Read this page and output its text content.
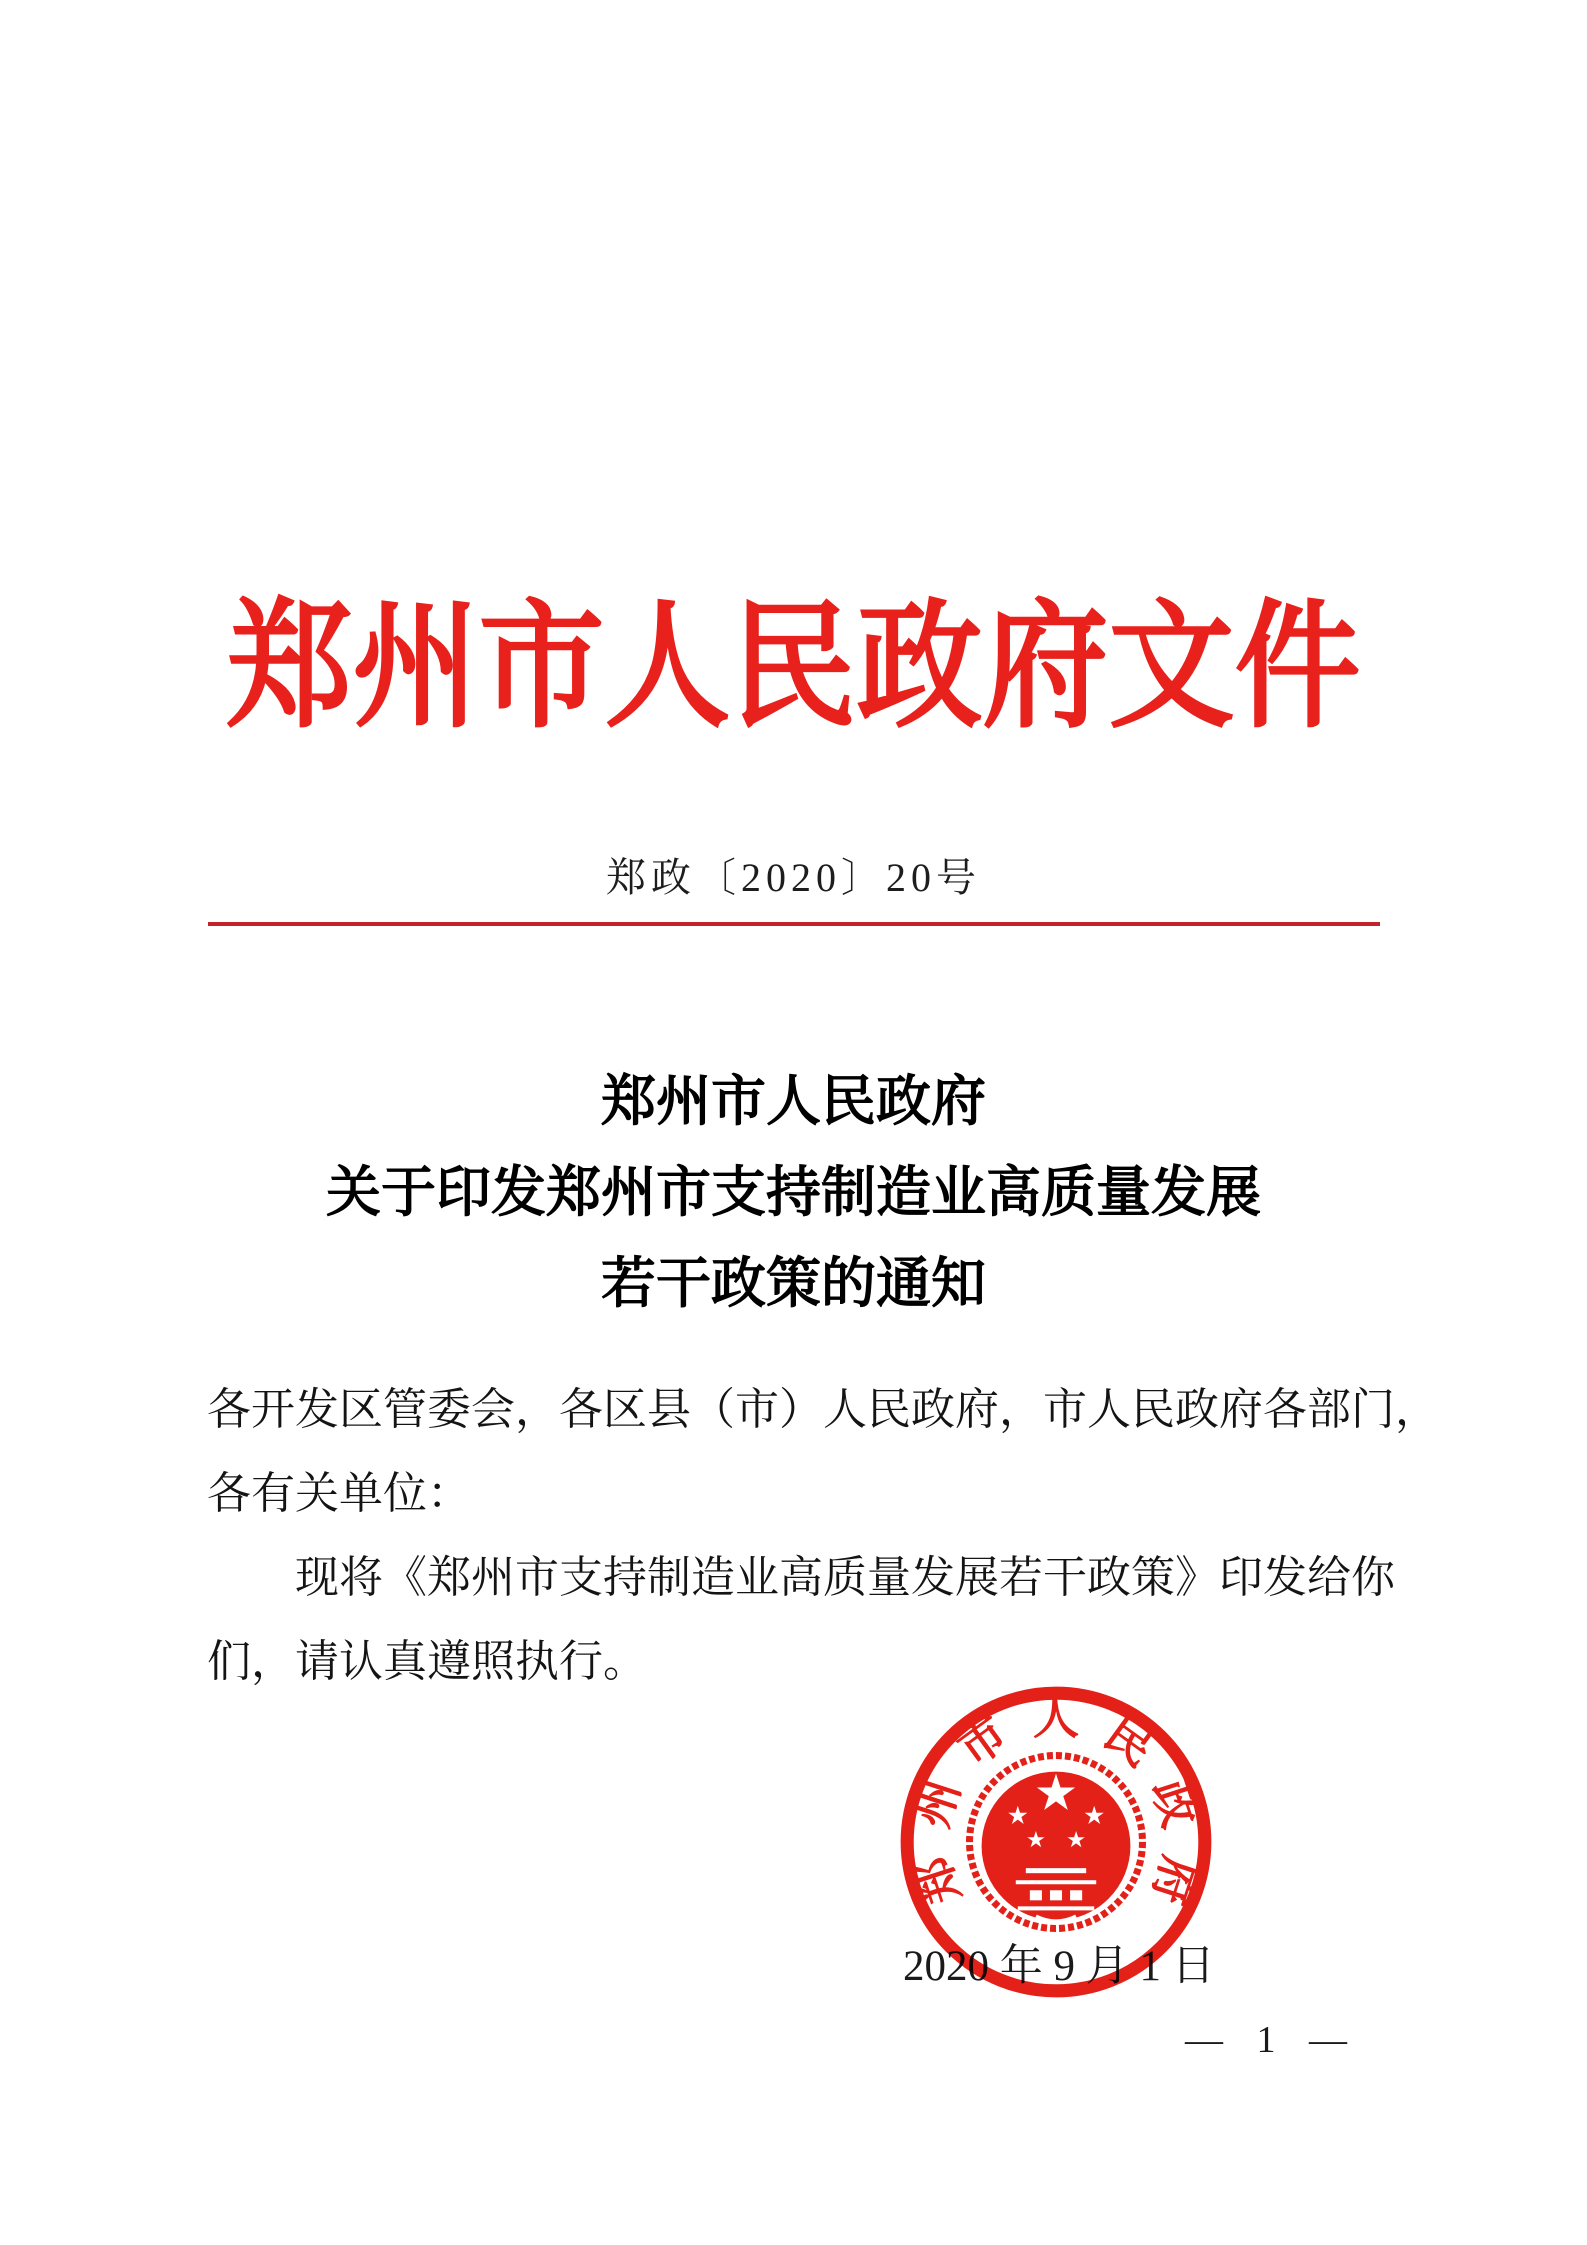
郑州市人民政府文件
郑政〔2020〕20号
郑州市人民政府
关于印发郑州市支持制造业高质量发展
若干政策的通知
各开发区管委会，各区县（市）人民政府，市人民政府各部门，
各有关单位：
现将《郑州市支持制造业高质量发展若干政策》印发给你
们，请认真遵照执行。
2020 年 9 月 1 日
郑
州
市 人 民
政
府
— 1 —
